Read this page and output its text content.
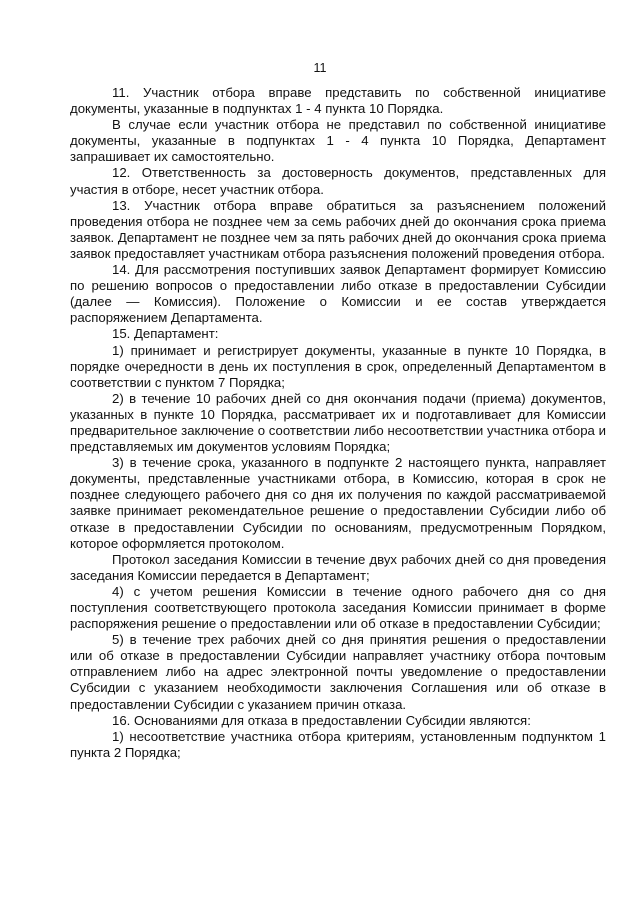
11

11. Участник отбора вправе представить по собственной инициативе документы, указанные в подпунктах 1 - 4 пункта 10 Порядка.

В случае если участник отбора не представил по собственной инициативе документы, указанные в подпунктах 1 - 4 пункта 10 Порядка, Департамент запрашивает их самостоятельно.

12. Ответственность за достоверность документов, представленных для участия в отборе, несет участник отбора.

13. Участник отбора вправе обратиться за разъяснением положений проведения отбора не позднее чем за семь рабочих дней до окончания срока приема заявок. Департамент не позднее чем за пять рабочих дней до окончания срока приема заявок предоставляет участникам отбора разъяснения положений проведения отбора.

14. Для рассмотрения поступивших заявок Департамент формирует Комиссию по решению вопросов о предоставлении либо отказе в предоставлении Субсидии (далее — Комиссия). Положение о Комиссии и ее состав утверждается распоряжением Департамента.

15. Департамент:

1) принимает и регистрирует документы, указанные в пункте 10 Порядка, в порядке очередности в день их поступления в срок, определенный Департаментом в соответствии с пунктом 7 Порядка;

2) в течение 10 рабочих дней со дня окончания подачи (приема) документов, указанных в пункте 10 Порядка, рассматривает их и подготавливает для Комиссии предварительное заключение о соответствии либо несоответствии участника отбора и представляемых им документов условиям Порядка;

3) в течение срока, указанного в подпункте 2 настоящего пункта, направляет документы, представленные участниками отбора, в Комиссию, которая в срок не позднее следующего рабочего дня со дня их получения по каждой рассматриваемой заявке принимает рекомендательное решение о предоставлении Субсидии либо об отказе в предоставлении Субсидии по основаниям, предусмотренным Порядком, которое оформляется протоколом.

Протокол заседания Комиссии в течение двух рабочих дней со дня проведения заседания Комиссии передается в Департамент;

4) с учетом решения Комиссии в течение одного рабочего дня со дня поступления соответствующего протокола заседания Комиссии принимает в форме распоряжения решение о предоставлении или об отказе в предоставлении Субсидии;

5) в течение трех рабочих дней со дня принятия решения о предоставлении или об отказе в предоставлении Субсидии направляет участнику отбора почтовым отправлением либо на адрес электронной почты уведомление о предоставлении Субсидии с указанием необходимости заключения Соглашения или об отказе в предоставлении Субсидии с указанием причин отказа.

16. Основаниями для отказа в предоставлении Субсидии являются:

1) несоответствие участника отбора критериям, установленным подпунктом 1 пункта 2 Порядка;
